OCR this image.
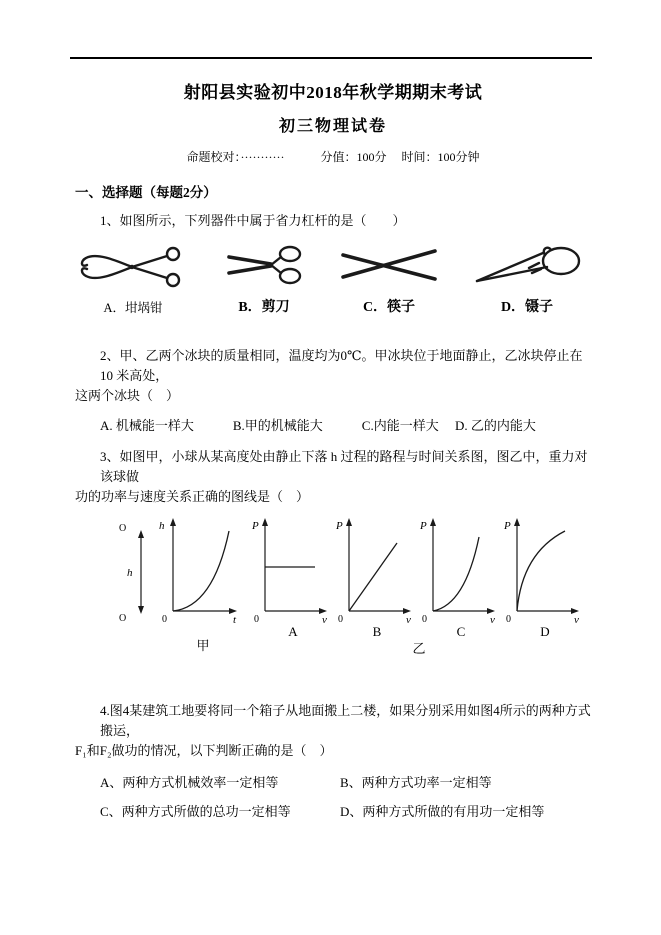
射阳县实验初中2018年秋学期期末考试
初三物理试卷
命题校对：···········　　　分值：100分　 时间：100分钟
一、选择题（每题2分）
1、如图所示，下列器件中属于省力杠杆的是（　　）
A．坩埚钳	B．剪刀	C．筷子	D．镊子
2、甲、乙两个冰块的质量相同，温度均为0℃。甲冰块位于地面静止，乙冰块停止在 10 米高处，
这两个冰块（　）
A. 机械能一样大　　　B.甲的机械能大　　　C.内能一样大　 D. 乙的内能大
3、如图甲，小球从某高度处由静止下落 h 过程的路程与时间关系图，图乙中，重力对该球做
功的功率与速度关系正确的图线是（　）
O
h
O
h
t
0
甲
P
v
0
A
P
v
0
B
P
v
0
C
P
v
0
D
乙
4.图4某建筑工地要将同一个箱子从地面搬上二楼，如果分别采用如图4所示的两种方式搬运，
F₁和F₂做功的情况，以下判断正确的是（　）
A、两种方式机械效率一定相等	B、两种方式功率一定相等
C、两种方式所做的总功一定相等	D、两种方式所做的有用功一定相等
